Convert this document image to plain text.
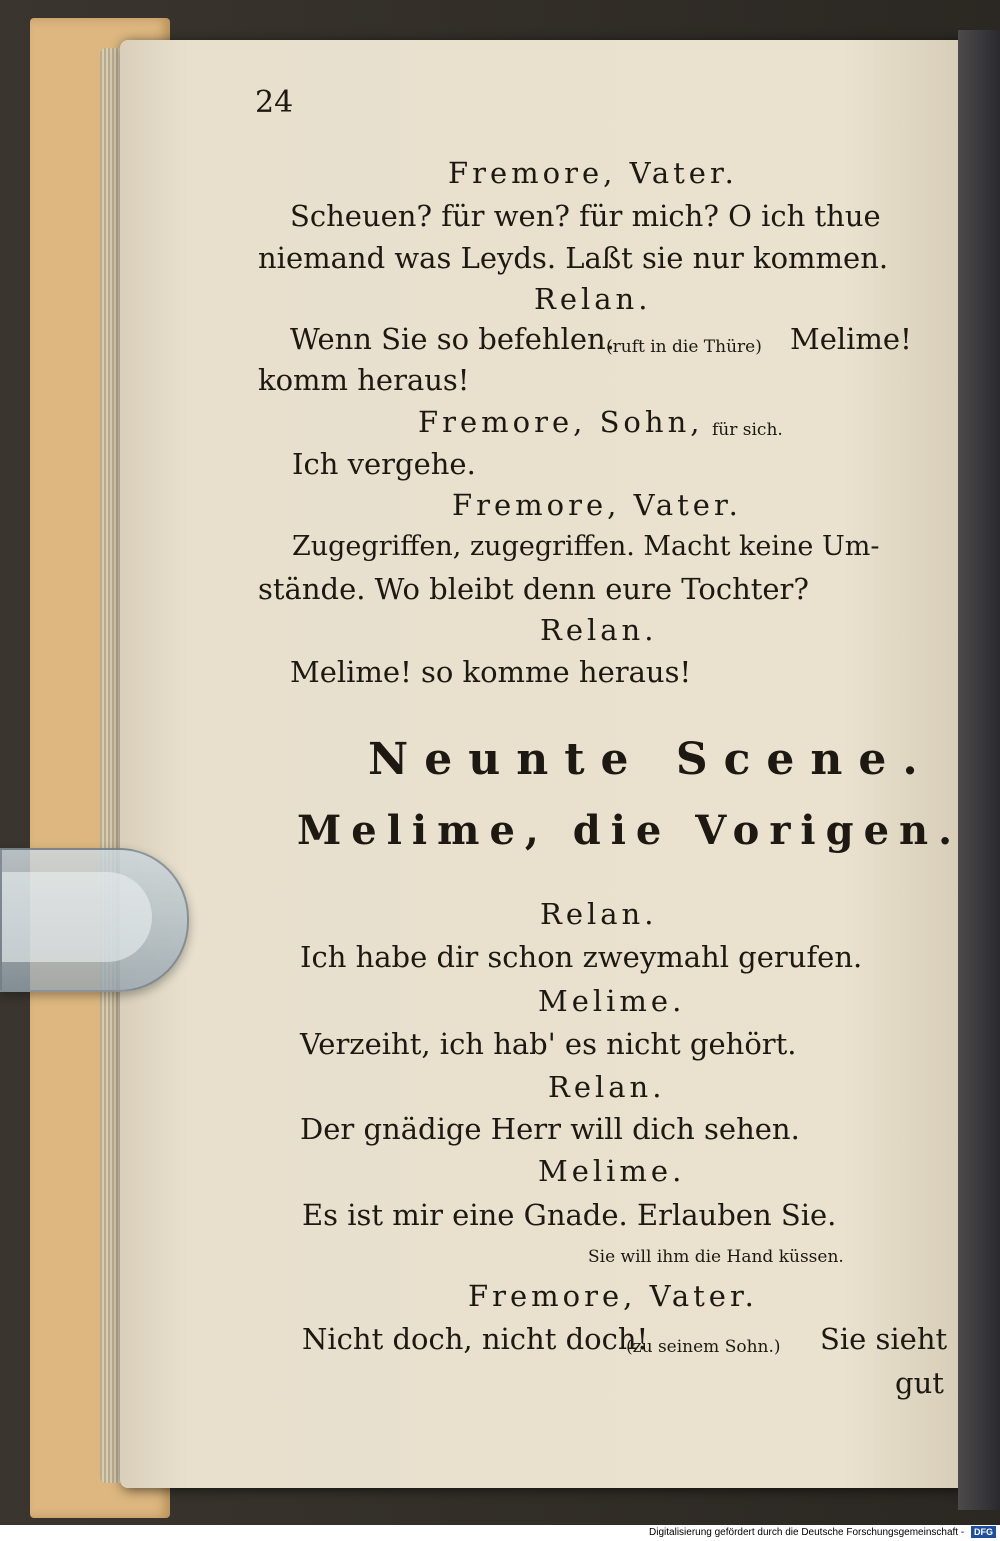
24
Fremore, Vater.
Scheuen? für wen? für mich? O ich thue
niemand was Leyds. Laßt sie nur kommen.
Relan.
Wenn Sie so befehlen.
(ruft in die Thüre) Melime!
komm heraus!
Fremore, Sohn, für sich.
Ich vergehe.
Fremore, Vater.
Zugegriffen, zugegriffen. Macht keine Um-
stände. Wo bleibt denn eure Tochter?
Relan.
Melime! so komme heraus!
Neunte Scene.
Melime, die Vorigen.
Relan.
Ich habe dir schon zweymahl gerufen.
Melime.
Verzeiht, ich hab' es nicht gehört.
Relan.
Der gnädige Herr will dich sehen.
Melime.
Es ist mir eine Gnade. Erlauben Sie.
Sie will ihm die Hand küssen.
Fremore, Vater.
Nicht doch, nicht doch!
(zu seinem Sohn.) Sie sieht
gut
Digitalisierung gefördert durch die Deutsche Forschungsgemeinschaft - DFG
